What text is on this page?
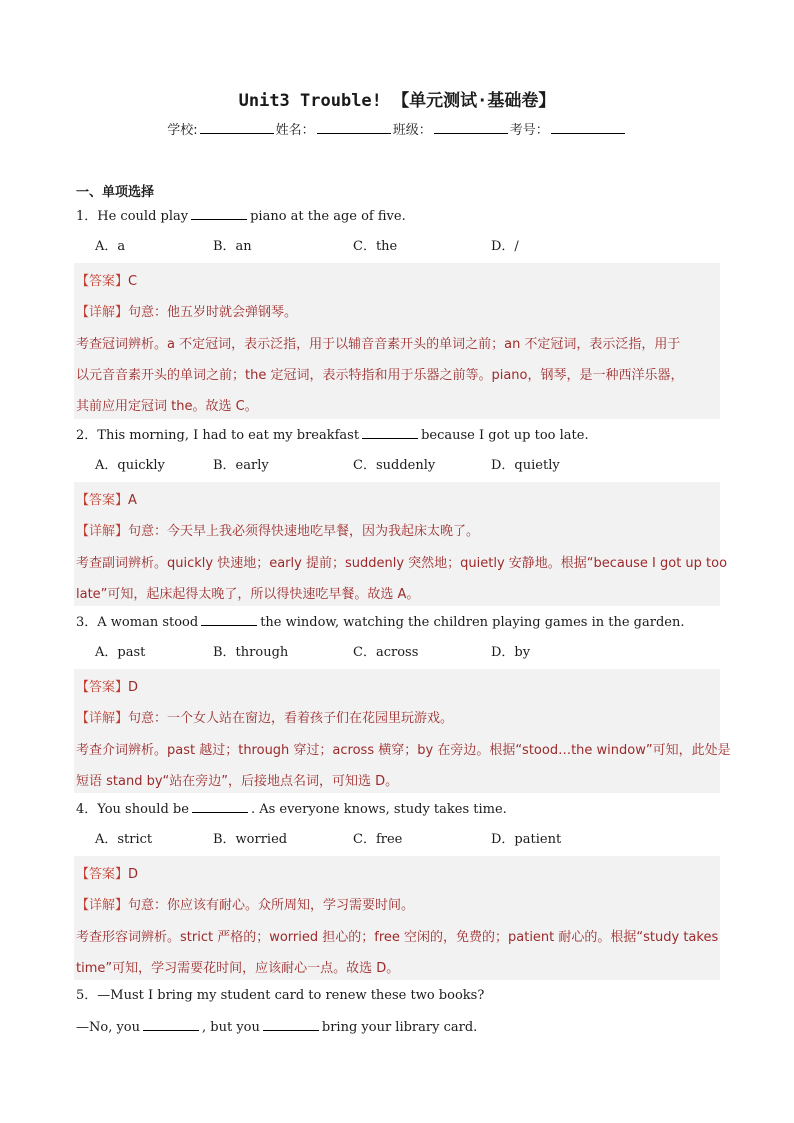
Unit3 Trouble! 【单元测试·基础卷】
学校:	姓名：	班级：	考号：
一、单项选择
1．He could play	piano at the age of five.
A．a	B．an	C．the	D．/
【答案】C
【详解】句意：他五岁时就会弹钢琴。
考查冠词辨析。a 不定冠词，表示泛指，用于以辅音音素开头的单词之前；an 不定冠词，表示泛指，用于
以元音音素开头的单词之前；the 定冠词，表示特指和用于乐器之前等。piano，钢琴，是一种西洋乐器，
其前应用定冠词 the。故选 C。
2．This morning, I had to eat my breakfast	because I got up too late.
A．quickly	B．early	C．suddenly	D．quietly
【答案】A
【详解】句意：今天早上我必须得快速地吃早餐，因为我起床太晚了。
考查副词辨析。quickly 快速地；early 提前；suddenly 突然地；quietly 安静地。根据“because I got up too
late”可知，起床起得太晚了，所以得快速吃早餐。故选 A。
3．A woman stood	the window, watching the children playing games in the garden.
A．past	B．through	C．across	D．by
【答案】D
【详解】句意：一个女人站在窗边，看着孩子们在花园里玩游戏。
考查介词辨析。past 越过；through 穿过；across 横穿；by 在旁边。根据“stood…the window”可知，此处是
短语 stand by“站在旁边”，后接地点名词，可知选 D。
4．You should be	. As everyone knows, study takes time.
A．strict	B．worried	C．free	D．patient
【答案】D
【详解】句意：你应该有耐心。众所周知，学习需要时间。
考查形容词辨析。strict 严格的；worried 担心的；free 空闲的，免费的；patient 耐心的。根据“study takes
time”可知，学习需要花时间，应该耐心一点。故选 D。
5．—Must I bring my student card to renew these two books?
—No, you	, but you	bring your library card.
